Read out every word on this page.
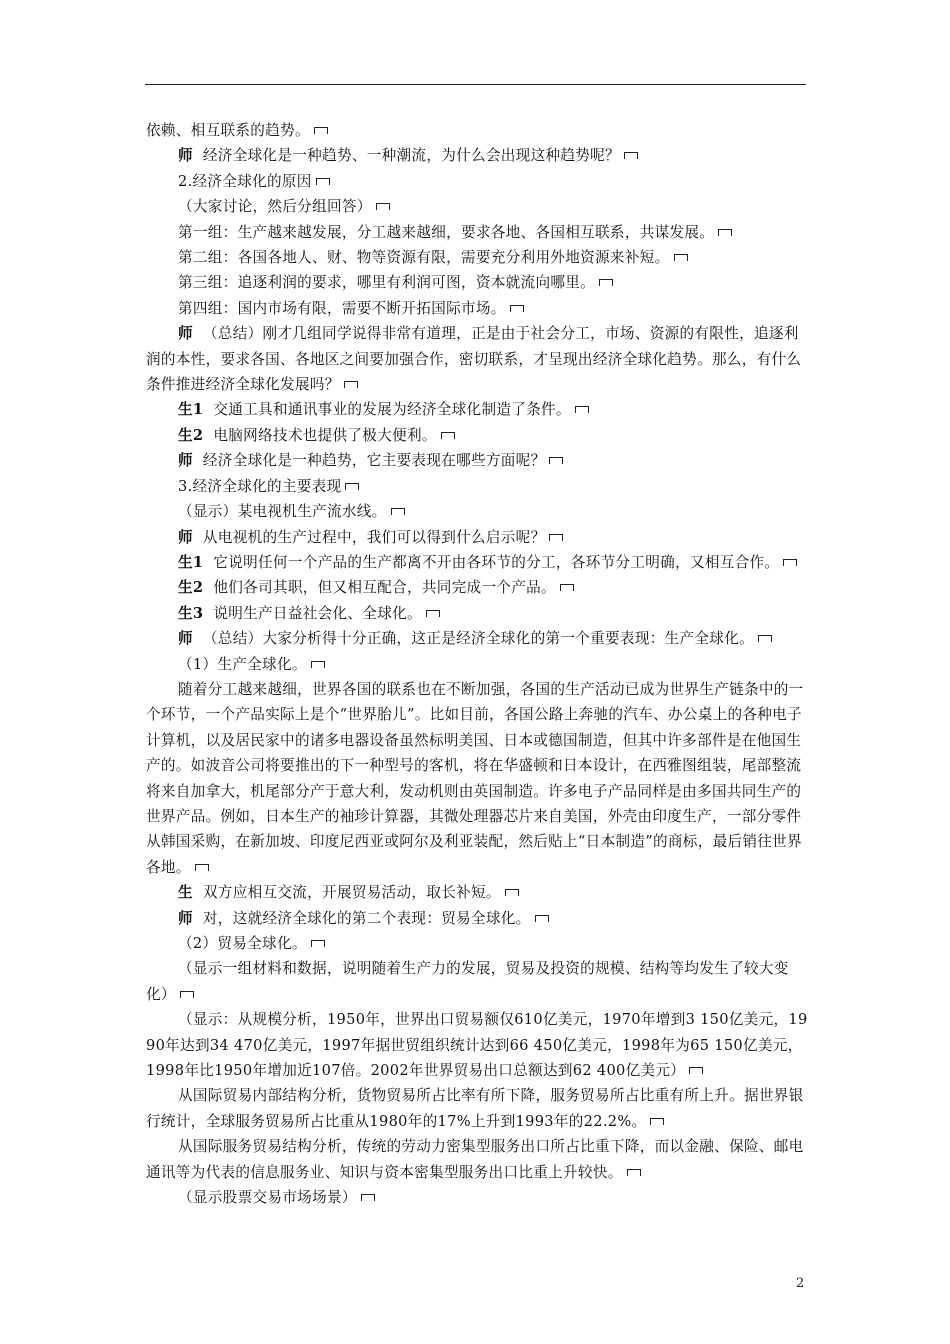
依赖、相互联系的趋势。

师 经济全球化是一种趋势、一种潮流，为什么会出现这种趋势呢？

2.经济全球化的原因

（大家讨论，然后分组回答）

第一组：生产越来越发展，分工越来越细，要求各地、各国相互联系，共谋发展。

第二组：各国各地人、财、物等资源有限，需要充分利用外地资源来补短。

第三组：追逐利润的要求，哪里有利润可图，资本就流向哪里。

第四组：国内市场有限，需要不断开拓国际市场。

师 （总结）刚才几组同学说得非常有道理，正是由于社会分工，市场、资源的有限性，追逐利润的本性，要求各国、各地区之间要加强合作，密切联系，才呈现出经济全球化趋势。那么，有什么条件推进经济全球化发展吗？

生1 交通工具和通讯事业的发展为经济全球化制造了条件。

生2 电脑网络技术也提供了极大便利。

师 经济全球化是一种趋势，它主要表现在哪些方面呢？

3.经济全球化的主要表现

（显示）某电视机生产流水线。

师 从电视机的生产过程中，我们可以得到什么启示呢？

生1 它说明任何一个产品的生产都离不开由各环节的分工，各环节分工明确，又相互合作。

生2 他们各司其职，但又相互配合，共同完成一个产品。

生3 说明生产日益社会化、全球化。

师 （总结）大家分析得十分正确，这正是经济全球化的第一个重要表现：生产全球化。

（1）生产全球化。

随着分工越来越细，世界各国的联系也在不断加强，各国的生产活动已成为世界生产链条中的一个环节，一个产品实际上是个“世界胎儿”。比如目前，各国公路上奔驰的汽车、办公桌上的各种电子计算机，以及居民家中的诸多电器设备虽然标明美国、日本或德国制造，但其中许多部件是在他国生产的。如波音公司将要推出的下一种型号的客机，将在华盛顿和日本设计，在西雅图组装，尾部整流将来自加拿大，机尾部分产于意大利，发动机则由英国制造。许多电子产品同样是由多国共同生产的世界产品。例如，日本生产的袖珍计算器，其微处理器芯片来自美国，外壳由印度生产，一部分零件从韩国采购，在新加坡、印度尼西亚或阿尔及利亚装配，然后贴上“日本制造”的商标，最后销往世界各地。

生 双方应相互交流，开展贸易活动，取长补短。

师 对，这就经济全球化的第二个表现：贸易全球化。

（2）贸易全球化。

（显示一组材料和数据，说明随着生产力的发展，贸易及投资的规模、结构等均发生了较大变化）

（显示：从规模分析，1950年，世界出口贸易额仅610亿美元，1970年增到3 150亿美元，1990年达到34 470亿美元，1997年据世贸组织统计达到66 450亿美元，1998年为65 150亿美元，1998年比1950年增加近107倍。2002年世界贸易出口总额达到62 400亿美元）

从国际贸易内部结构分析，货物贸易所占比率有所下降，服务贸易所占比重有所上升。据世界银行统计，全球服务贸易所占比重从1980年的17%上升到1993年的22.2%。

从国际服务贸易结构分析，传统的劳动力密集型服务出口所占比重下降，而以金融、保险、邮电通讯等为代表的信息服务业、知识与资本密集型服务出口比重上升较快。

（显示股票交易市场场景）

2
